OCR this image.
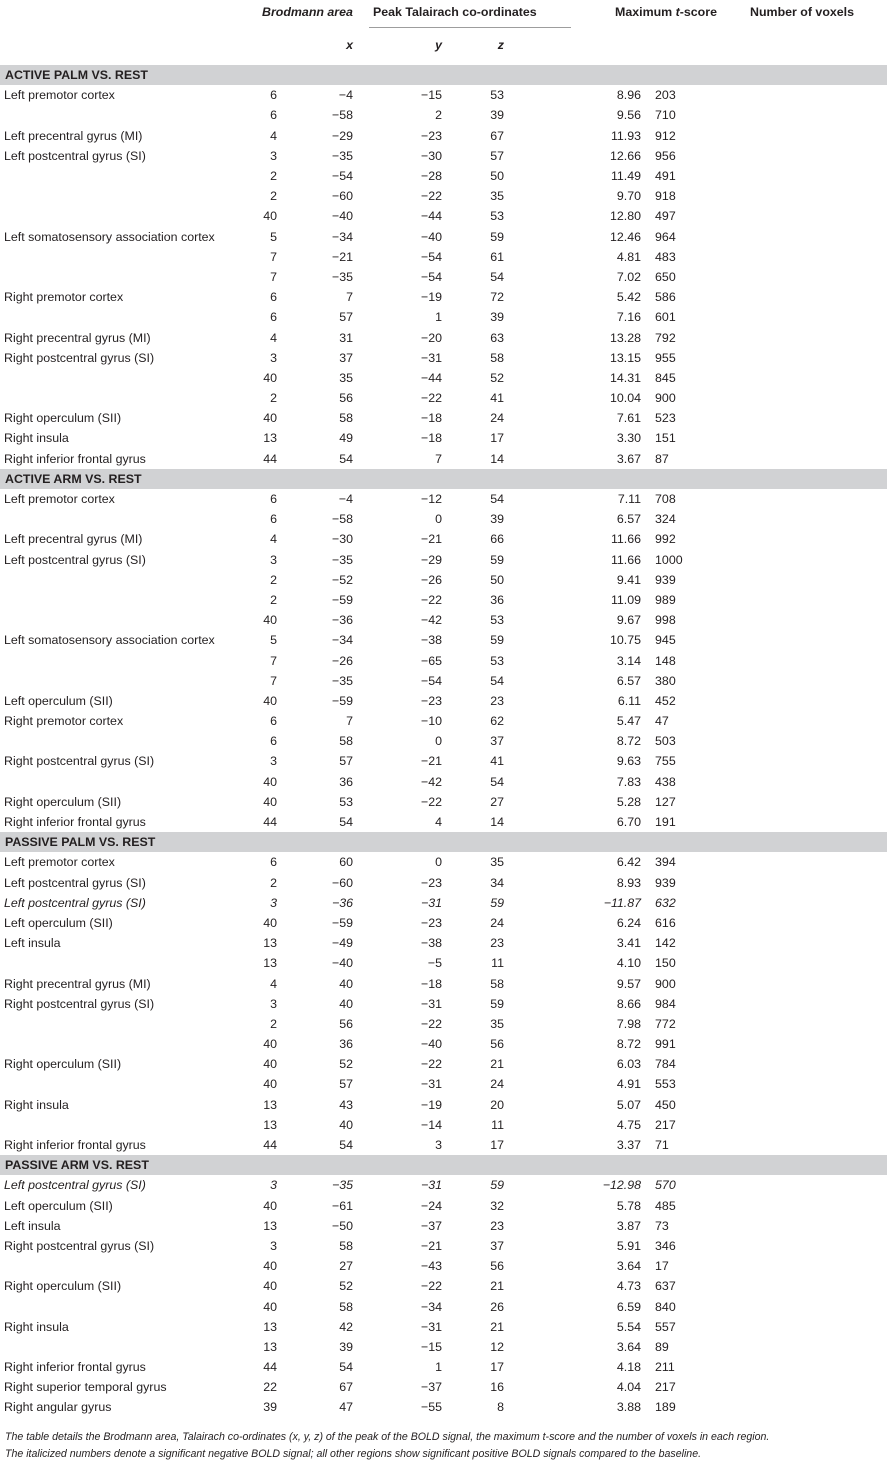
	Brodmann area		Peak Talairach co-ordinates			Maximum t-score		Number of voxels
		x	y	z				
ACTIVE PALM VS. REST								
Left premotor cortex	6	−4	−15	53		8.96	203	
	6	−58	2	39		9.56	710	
Left precentral gyrus (MI)	4	−29	−23	67		11.93	912	
Left postcentral gyrus (SI)	3	−35	−30	57		12.66	956	
	2	−54	−28	50		11.49	491	
	2	−60	−22	35		9.70	918	
	40	−40	−44	53		12.80	497	
Left somatosensory association cortex	5	−34	−40	59		12.46	964	
	7	−21	−54	61		4.81	483	
	7	−35	−54	54		7.02	650	
Right premotor cortex	6	7	−19	72		5.42	586	
	6	57	1	39		7.16	601	
Right precentral gyrus (MI)	4	31	−20	63		13.28	792	
Right postcentral gyrus (SI)	3	37	−31	58		13.15	955	
	40	35	−44	52		14.31	845	
	2	56	−22	41		10.04	900	
Right operculum (SII)	40	58	−18	24		7.61	523	
Right insula	13	49	−18	17		3.30	151	
Right inferior frontal gyrus	44	54	7	14		3.67	87	
ACTIVE ARM VS. REST								
Left premotor cortex	6	−4	−12	54		7.11	708	
	6	−58	0	39		6.57	324	
Left precentral gyrus (MI)	4	−30	−21	66		11.66	992	
Left postcentral gyrus (SI)	3	−35	−29	59		11.66	1000	
	2	−52	−26	50		9.41	939	
	2	−59	−22	36		11.09	989	
	40	−36	−42	53		9.67	998	
Left somatosensory association cortex	5	−34	−38	59		10.75	945	
	7	−26	−65	53		3.14	148	
	7	−35	−54	54		6.57	380	
Left operculum (SII)	40	−59	−23	23		6.11	452	
Right premotor cortex	6	7	−10	62		5.47	47	
	6	58	0	37		8.72	503	
Right postcentral gyrus (SI)	3	57	−21	41		9.63	755	
	40	36	−42	54		7.83	438	
Right operculum (SII)	40	53	−22	27		5.28	127	
Right inferior frontal gyrus	44	54	4	14		6.70	191	
PASSIVE PALM VS. REST								
Left premotor cortex	6	60	0	35		6.42	394	
Left postcentral gyrus (SI)	2	−60	−23	34		8.93	939	
Left postcentral gyrus (SI)	3	−36	−31	59		−11.87	632	
Left operculum (SII)	40	−59	−23	24		6.24	616	
Left insula	13	−49	−38	23		3.41	142	
	13	−40	−5	11		4.10	150	
Right precentral gyrus (MI)	4	40	−18	58		9.57	900	
Right postcentral gyrus (SI)	3	40	−31	59		8.66	984	
	2	56	−22	35		7.98	772	
	40	36	−40	56		8.72	991	
Right operculum (SII)	40	52	−22	21		6.03	784	
	40	57	−31	24		4.91	553	
Right insula	13	43	−19	20		5.07	450	
	13	40	−14	11		4.75	217	
Right inferior frontal gyrus	44	54	3	17		3.37	71	
PASSIVE ARM VS. REST								
Left postcentral gyrus (SI)	3	−35	−31	59		−12.98	570	
Left operculum (SII)	40	−61	−24	32		5.78	485	
Left insula	13	−50	−37	23		3.87	73	
Right postcentral gyrus (SI)	3	58	−21	37		5.91	346	
	40	27	−43	56		3.64	17	
Right operculum (SII)	40	52	−22	21		4.73	637	
	40	58	−34	26		6.59	840	
Right insula	13	42	−31	21		5.54	557	
	13	39	−15	12		3.64	89	
Right inferior frontal gyrus	44	54	1	17		4.18	211	
Right superior temporal gyrus	22	67	−37	16		4.04	217	
Right angular gyrus	39	47	−55	8		3.88	189	
The table details the Brodmann area, Talairach co-ordinates (x, y, z) of the peak of the BOLD signal, the maximum t-score and the number of voxels in each region.
The italicized numbers denote a significant negative BOLD signal; all other regions show significant positive BOLD signals compared to the baseline.
